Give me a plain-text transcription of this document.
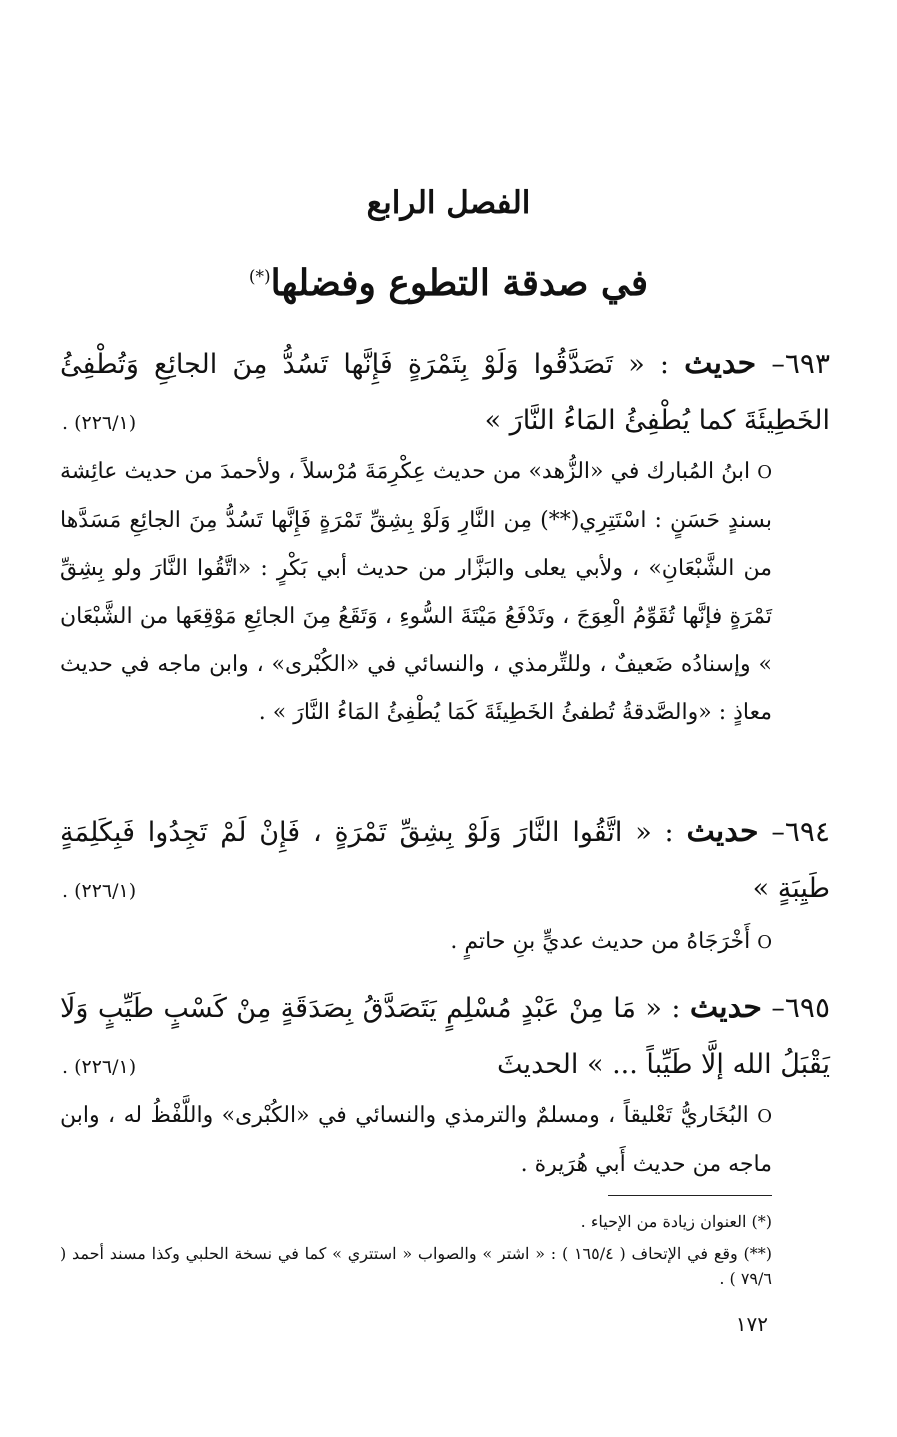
الفصل الرابع
في صدقة التطوع وفضلها(*)
٦٩٣– حديث : « تَصَدَّقُوا وَلَوْ بِتَمْرَةٍ فَإِنَّها تَسُدُّ مِنَ الجائِعِ وَتُطْفِئُ الخَطِيئَةَ كما يُطْفِئُ المَاءُ النَّارَ »
. (٢٢٦/١)
O ابنُ المُبارك في «الزُّهد» من حديث عِكْرِمَةَ مُرْسلاً ، ولأحمدَ من حديث عائِشة بسندٍ حَسَنٍ : اسْتَتِرِي(**) مِن النَّارِ وَلَوْ بِشِقِّ تَمْرَةٍ فَإِنَّها تَسُدُّ مِنَ الجائِعِ مَسَدَّها من الشَّبْعَانِ» ، ولأبي يعلى والبَزَّار من حديث أبي بَكْرٍ : «اتَّقُوا النَّارَ ولو بِشِقِّ تَمْرَةٍ فإنَّها تُقَوِّمُ الْعِوَجَ ، وتَدْفَعُ مَيْتَةَ السُّوءِ ، وَتَقَعُ مِنَ الجائِعِ مَوْقِعَها من الشَّبْعَان » وإسنادُه ضَعيفٌ ، وللتِّرمذي ، والنسائي في «الكُبْرى» ، وابن ماجه في حديث معاذٍ : «والصَّدقةُ تُطفئُ الخَطِيئَةَ كَمَا يُطْفِئُ المَاءُ النَّارَ » .
٦٩٤– حديث : « اتَّقُوا النَّارَ وَلَوْ بِشِقِّ تَمْرَةٍ ، فَإِنْ لَمْ تَجِدُوا فَبِكَلِمَةٍ طَيِبَةٍ »
. (٢٢٦/١)
O أَخْرَجَاهُ من حديث عديٍّ بنِ حاتمٍ .
٦٩٥– حديث : « مَا مِنْ عَبْدٍ مُسْلِمٍ يَتَصَدَّقُ بِصَدَقَةٍ مِنْ كَسْبٍ طَيِّبٍ وَلَا يَقْبَلُ الله إلَّا طَيِّباً ... » الحديثَ
. (٢٢٦/١)
O البُخَاريُّ تَعْليقاً ، ومسلمٌ والترمذي والنسائي في «الكُبْرى» واللَّفْظُ له ، وابن ماجه من حديث أَبي هُرَيرة .
(*) العنوان زيادة من الإحياء .
(**) وقع في الإتحاف ( ١٦٥/٤ ) : « اشتر » والصواب « استتري » كما في نسخة الحلبي وكذا مسند أحمد ( ٧٩/٦ ) .
١٧٢
